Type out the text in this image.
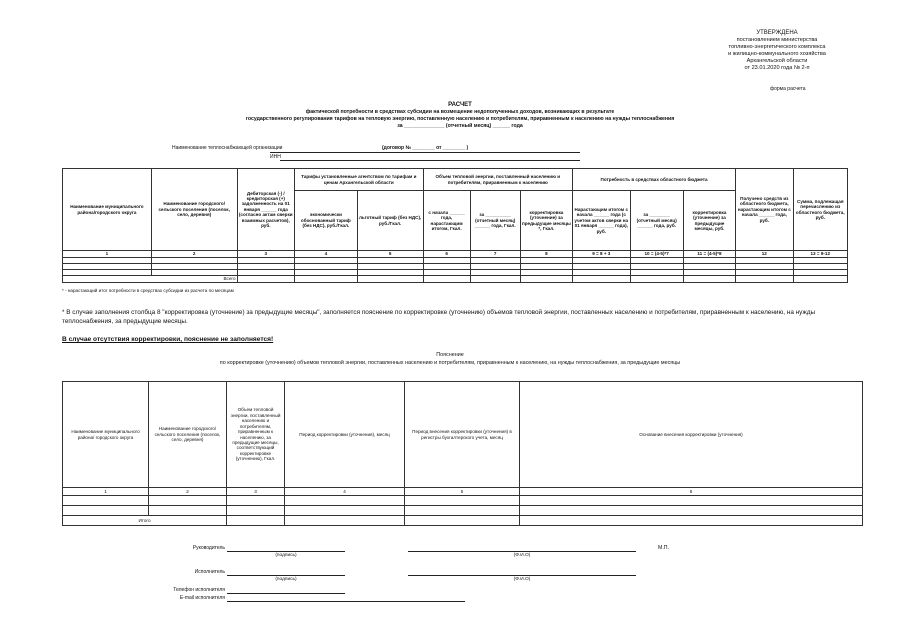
УТВЕРЖДЕНА
постановлением министерства
топливно-энергетического комплекса
и жилищно-коммунального хозяйства
Архангельской области
от 23.01.2020 года № 2-п
форма расчета
РАСЧЕТ
фактической потребности в средствах субсидии на возмещение недополученных доходов, возникающих в результате
государственного регулирования тарифов на тепловую энергию, поставленную населению и потребителям, приравненным к населению на нужды теплоснабжения
за ______________ (отчетный месяц) ______ года
Наименование теплоснабжающей организации	(договор № ________ от ________ )
ИНН
Наименование муниципального района/городского округа	Наименование городского/сельского поселения (поселок, село, деревня)	Дебиторская (-) / кредиторская (+) задолженность на 01 января ______ года (согласно актам сверки взаимных расчетов), руб.	Тарифы установленные агентством по тарифам и ценам Архангельской области		Объем тепловой энергии, поставленный населению и потребителям, приравненным к населению			Потребность в средствах областного бюджета			Получено средств из областного бюджета, нарастающим итогом с начала ______ года, руб.	Сумма, подлежащая перечислению из областного бюджета, руб.
			экономически обоснованный тариф (без НДС), руб./Гкал.	льготный тариф (без НДС), руб./Гкал.	с начала ______ года, нарастающим итогом, Гкал.	за __________ (отчетный месяц) ______ года, Гкал.	корректировка (уточнение) за предыдущие месяцы *, Гкал.	Нарастающим итогом с начала ______ года (с учетом актов сверки на 01 января ______ года), руб.	за ________ (отчетный месяц) ______ года, руб.	корректировка (уточнение) за предыдущие месяцы, руб.		
1	2	3	4	5	6	7	8	9 = 8 + 3	10 = (4-5)*7	11 = (4-5)*8	12	13 = 9-12

Всего												
* - нарастающий итог потребности в средствах субсидии из расчета по месяцам
* В случае заполнения столбца 8 "корректировка (уточнение) за предыдущие месяцы", заполняется пояснение по корректировке (уточнению) объемов тепловой энергии, поставленных населению и потребителям, приравненным к населению, на нужды теплоснабжения, за предыдущие месяцы.
В случае отсутствия корректировки, пояснение не заполняется!
Пояснение
по корректировке (уточнению) объемов тепловой энергии, поставленных населению и потребителям, приравненным к населению, на нужды теплоснабжения, за предыдущие месяцы
Наименование муниципального района/ городского округа	Наименование городского/сельского поселения (поселок, село, деревня)	Объем тепловой энергии, поставленный населению и потребителям, приравненным к населению, за предыдущие месяцы, соответствующий корректировке (уточнению), Гкал.	Период корректировки (уточнения), месяц	Период внесения корректировки (уточнения) в регистры бухгалтерского учета, месяц	Основание внесения корректировки (уточнения)
1	2	3	4	5	6

Итого					
Руководитель
(подпись)	(Ф.И.О)
М.П.
Исполнитель
(подпись)	(Ф.И.О)
Телефон исполнителя
E-mail исполнителя
